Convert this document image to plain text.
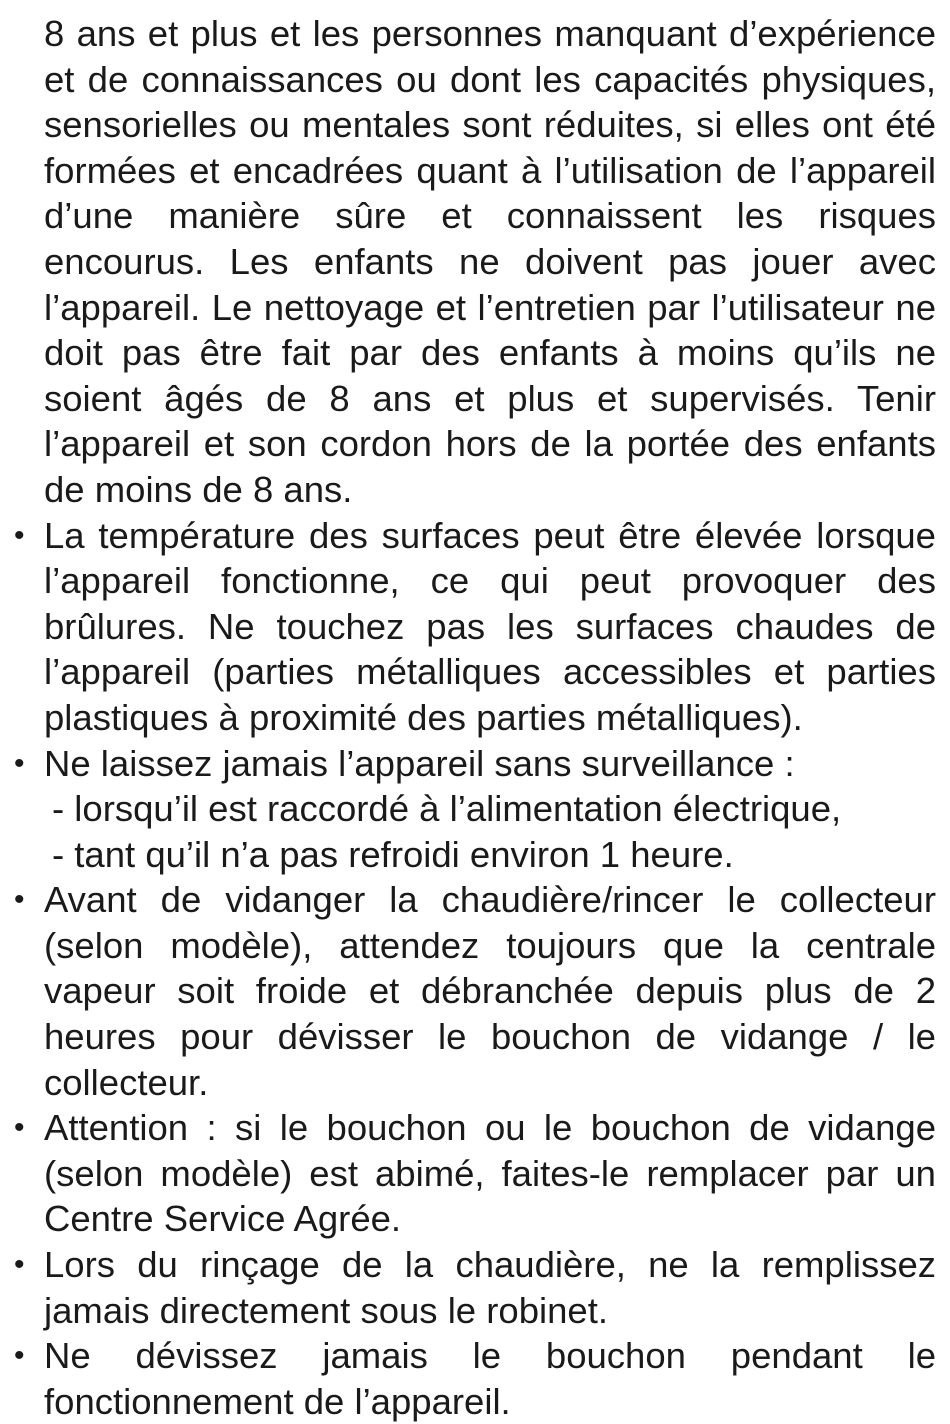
8 ans et plus et les personnes manquant d’expérience et de connaissances ou dont les capacités physiques, sensorielles ou mentales sont réduites, si elles ont été formées et encadrées quant à l’utilisation de l’appareil d’une manière sûre et connaissent les risques encourus. Les enfants ne doivent pas jouer avec l’appareil. Le nettoyage et l’entretien par l’utilisateur ne doit pas être fait par des enfants à moins qu’ils ne soient âgés de 8 ans et plus et supervisés. Tenir l’appareil et son cordon hors de la portée des enfants de moins de 8 ans.
• La température des surfaces peut être élevée lorsque l’appareil fonctionne, ce qui peut provoquer des brûlures. Ne touchez pas les surfaces chaudes de l’appareil (parties métalliques accessibles et parties plastiques à proximité des parties métalliques).
• Ne laissez jamais l’appareil sans surveillance :
- lorsqu’il est raccordé à l’alimentation électrique,
- tant qu’il n’a pas refroidi environ 1 heure.
• Avant de vidanger la chaudière/rincer le collecteur (selon modèle), attendez toujours que la centrale vapeur soit froide et débranchée depuis plus de 2 heures pour dévisser le bouchon de vidange / le collecteur.
• Attention : si le bouchon ou le bouchon de vidange (selon modèle) est abimé, faites-le remplacer par un Centre Service Agrée.
• Lors du rinçage de la chaudière, ne la remplissez jamais directement sous le robinet.
• Ne dévissez jamais le bouchon pendant le fonctionnement de l’appareil.
